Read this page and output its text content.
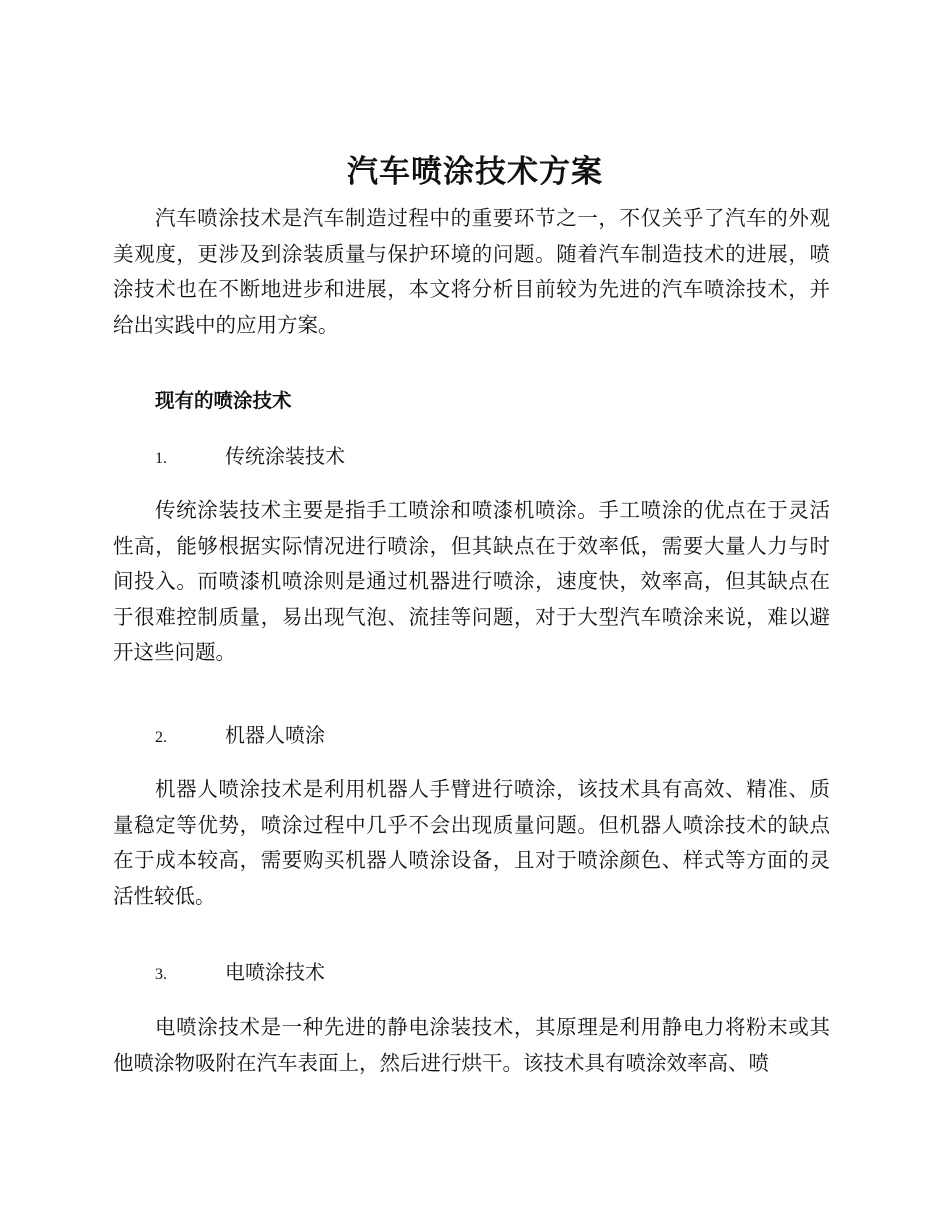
汽车喷涂技术方案

汽车喷涂技术是汽车制造过程中的重要环节之一，不仅关乎了汽车的外观美观度，更涉及到涂装质量与保护环境的问题。随着汽车制造技术的进展，喷涂技术也在不断地进步和进展，本文将分析目前较为先进的汽车喷涂技术，并给出实践中的应用方案。

现有的喷涂技术
1.	传统涂装技术

传统涂装技术主要是指手工喷涂和喷漆机喷涂。手工喷涂的优点在于灵活性高，能够根据实际情况进行喷涂，但其缺点在于效率低，需要大量人力与时间投入。而喷漆机喷涂则是通过机器进行喷涂，速度快，效率高，但其缺点在于很难控制质量，易出现气泡、流挂等问题，对于大型汽车喷涂来说，难以避开这些问题。

2.	机器人喷涂

机器人喷涂技术是利用机器人手臂进行喷涂，该技术具有高效、精准、质量稳定等优势，喷涂过程中几乎不会出现质量问题。但机器人喷涂技术的缺点在于成本较高，需要购买机器人喷涂设备，且对于喷涂颜色、样式等方面的灵活性较低。

3.	电喷涂技术

电喷涂技术是一种先进的静电涂装技术，其原理是利用静电力将粉末或其他喷涂物吸附在汽车表面上，然后进行烘干。该技术具有喷涂效率高、喷
